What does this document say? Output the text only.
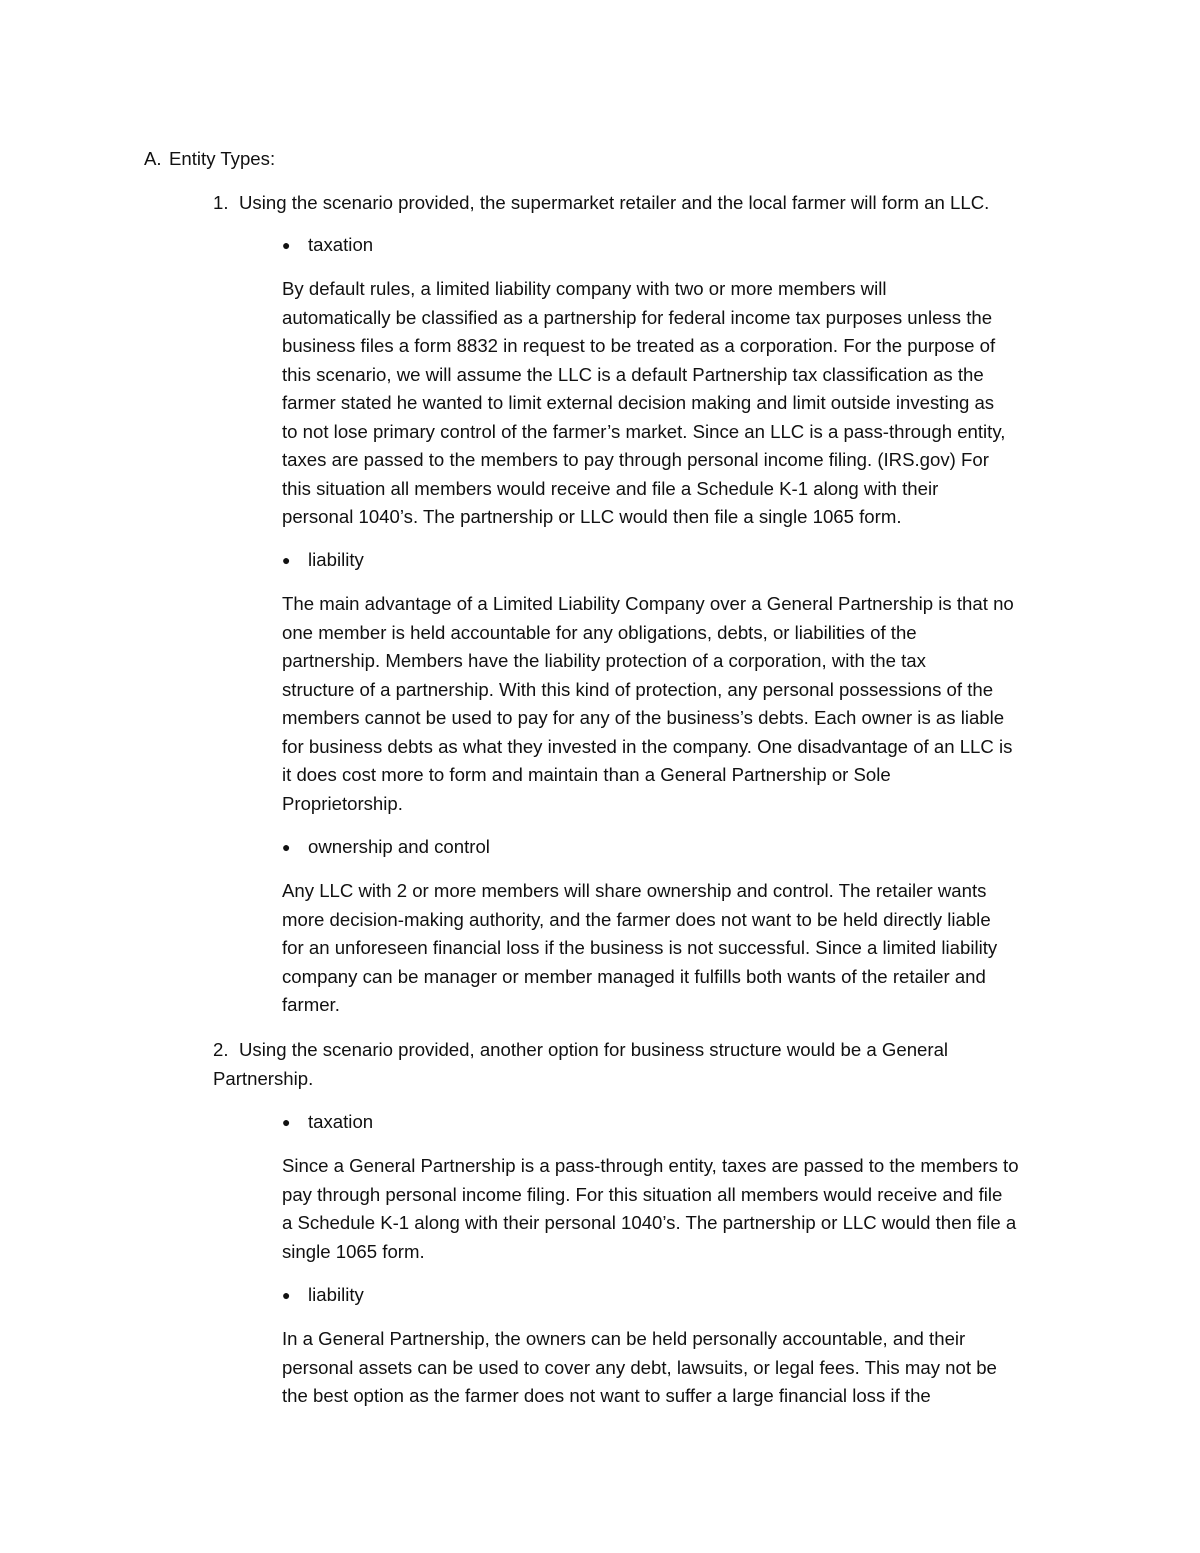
A. Entity Types:
1. Using the scenario provided, the supermarket retailer and the local farmer will form an LLC.
● taxation
By default rules, a limited liability company with two or more members will
automatically be classified as a partnership for federal income tax purposes unless the
business files a form 8832 in request to be treated as a corporation. For the purpose of
this scenario, we will assume the LLC is a default Partnership tax classification as the
farmer stated he wanted to limit external decision making and limit outside investing as
to not lose primary control of the farmer’s market. Since an LLC is a pass-through entity,
taxes are passed to the members to pay through personal income filing. (IRS.gov) For
this situation all members would receive and file a Schedule K-1 along with their
personal 1040’s. The partnership or LLC would then file a single 1065 form.
● liability
The main advantage of a Limited Liability Company over a General Partnership is that no
one member is held accountable for any obligations, debts, or liabilities of the
partnership. Members have the liability protection of a corporation, with the tax
structure of a partnership. With this kind of protection, any personal possessions of the
members cannot be used to pay for any of the business’s debts. Each owner is as liable
for business debts as what they invested in the company. One disadvantage of an LLC is
it does cost more to form and maintain than a General Partnership or Sole
Proprietorship.
● ownership and control
Any LLC with 2 or more members will share ownership and control. The retailer wants
more decision-making authority, and the farmer does not want to be held directly liable
for an unforeseen financial loss if the business is not successful. Since a limited liability
company can be manager or member managed it fulfills both wants of the retailer and
farmer.
2. Using the scenario provided, another option for business structure would be a General
Partnership.
● taxation
Since a General Partnership is a pass-through entity, taxes are passed to the members to
pay through personal income filing. For this situation all members would receive and file
a Schedule K-1 along with their personal 1040’s. The partnership or LLC would then file a
single 1065 form.
● liability
In a General Partnership, the owners can be held personally accountable, and their
personal assets can be used to cover any debt, lawsuits, or legal fees. This may not be
the best option as the farmer does not want to suffer a large financial loss if the
